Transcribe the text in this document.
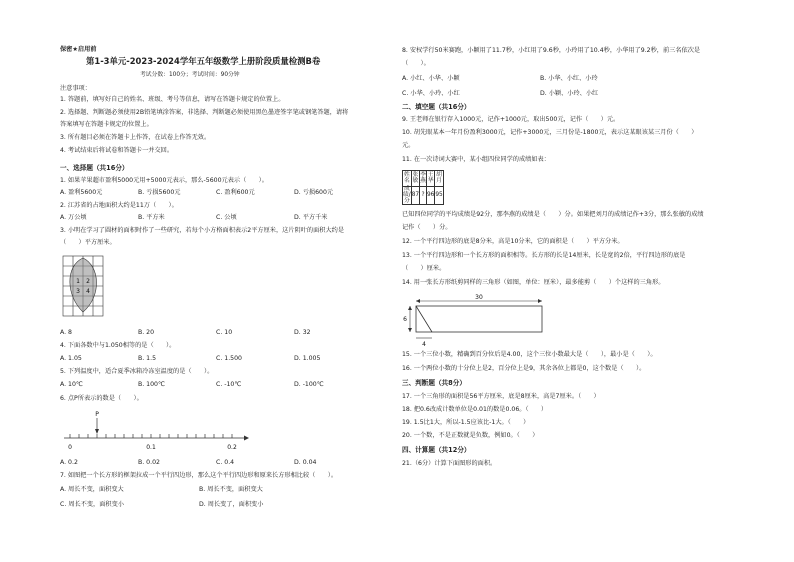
保密★启用前
第1-3单元-2023-2024学年五年级数学上册阶段质量检测B卷
考试分数：100分；考试时间：90分钟
注意事项：
1. 答题前，填写好自己的姓名、班级、考号等信息，请写在答题卡规定的位置上。
2. 选择题、判断题必须使用2B铅笔填涂答案，非选择、判断题必须使用黑色墨迹签字笔或钢笔答题，请将
答案填写在答题卡规定的位置上。
3. 所有题目必须在答题卡上作答，在试卷上作答无效。
4. 考试结束后将试卷和答题卡一并交回。
一、选择题（共16分）
1. 如果苹果超市盈利5000元用+5000元表示，那么-5600元表示（　　）。
A. 盈利5600元	B. 亏损5600元	C. 盈利600元	D. 亏损600元
2. 江苏省的占地面积大约是11万（　　）。
A. 万公顷	B. 平方米	C. 公顷	D. 平方千米
3. 小明在学习了圆材的面积时作了一些研究，若每个小方格面积表示2平方厘米，这片阴叶的面积大约是
（　　）平方厘米。
1 2
3 4
A. 8	B. 20	C. 10	D. 32
4. 下面各数中与1.050相等的是（　　）。
A. 1.05	B. 1.5	C. 1.500	D. 1.005
5. 下列温度中，适合夏季冰箱冷冻室温度的是（　　）。
A. 10℃	B. 100℃	C. -10℃	D. -100℃
6. 点P所表示的数是（　　）。
P
0	0.1	0.2
A. 0.2	B. 0.02	C. 0.4	D. 0.04
7. 如图把一个长方形的框架拉成一个平行四边形，那么这个平行四边形和原来长方形相比较（　　）。
A. 周长不变，面积变大	B. 周长不变，面积变大
C. 周长不变，面积变小	D. 周长变了，面积变小
8. 安权学行50米赛跑，小颖用了11.7秒，小红用了9.6秒，小玲用了10.4秒，小华用了9.2秒，前三名依次是
（　　）。
A. 小红、小华、小颖	B. 小华、小红、小玲
C. 小华、小玲、小红	D. 小颖、小玲、小红
二、填空题（共16分）
9. 王老师在银行存入1000元，记作+1000元，取出500元，记作（　　）元。
10. 胡先眼某本一年月份盈利3000元，记作+3000元，三月份是-1800元，表示这某眼该某三月份（　　）
元。
11. 在一次诗词大赛中，某小组四位同学的成绩如表：
姓名	张敏	李燕	王华	胡月
成绩/分	87	?	96	95
已知四位同学的平均成绩是92分，那李燕的成绩是（　　）分。如果把刘月的成绩记作+3分，那么张敏的成绩
记作（　　）分。
12. 一个平行四边形的底是8分米，高是10分米，它的面积是（　　）平方分米。
13. 一个平行四边形和一个长方形的面积相等。长方形的长是14厘米，长是宽的2倍，平行四边形的底是
（　　）厘米。
14. 用一张长方形纸剪同样的三角形（如图，单位：厘米），最多能剪（　　）个这样的三角形。
30
6
4
15. 一个三位小数，精确到百分位后是4.00，这个三位小数最大是（　　），最小是（　　）。
16. 一个两位小数的十分位上是2，百分位上是9，其余各位上都是0，这个数是（　　）。
三、判断题（共8分）
17. 一个三角形的面积是56平方厘米，底是8厘米，高是7厘米。（　　）
18. 把0.6改成计数单位是0.01的数是0.06。（　　）
19. 1.5比1大，所以-1.5应该比-1大。（　　）
20. 一个数，不是正数就是负数，例如0。（　　）
四、计算题（共12分）
21.（6分）计算下面图形的面积。
